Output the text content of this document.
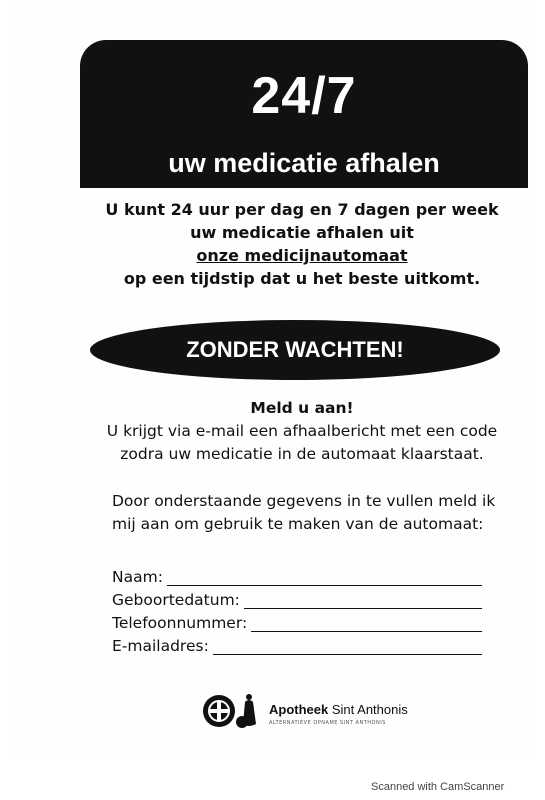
24/7
uw medicatie afhalen
U kunt 24 uur per dag en 7 dagen per week
uw medicatie afhalen uit
onze medicijnautomaat
op een tijdstip dat u het beste uitkomt.
ZONDER WACHTEN!
Meld u aan!
U krijgt via e-mail een afhaalbericht met een code
zodra uw medicatie in de automaat klaarstaat.
Door onderstaande gegevens in te vullen meld ik
mij aan om gebruik te maken van de automaat:
Naam:
Geboortedatum:
Telefoonnummer:
E-mailadres:
Apotheek Sint Anthonis
ALTERNATIEVE OPNAME SINT ANTHONIS
Scanned with CamScanner
